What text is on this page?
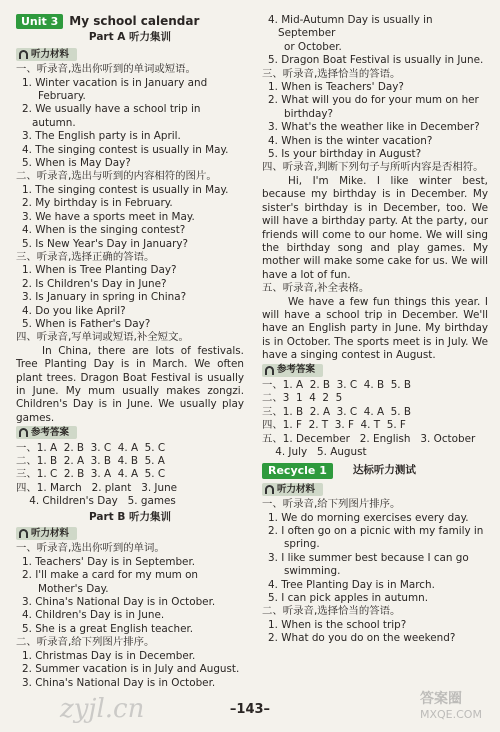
Unit 3 My school calendar
Part A 听力集训
听力材料
一、听录音,选出你听到的单词或短语。
1. Winter vacation is in January and
February.
2. We usually have a school trip in autumn.
3. The English party is in April.
4. The singing contest is usually in May.
5. When is May Day?
二、听录音,选出与听到的内容相符的图片。
1. The singing contest is usually in May.
2. My birthday is in February.
3. We have a sports meet in May.
4. When is the singing contest?
5. Is New Year's Day in January?
三、听录音,选择正确的答语。
1. When is Tree Planting Day?
2. Is Children's Day in June?
3. Is January in spring in China?
4. Do you like April?
5. When is Father's Day?
四、听录音,写单词或短语,补全短文。
In China, there are lots of festivals. Tree Planting Day is in March. We often plant trees. Dragon Boat Festival is usually in June. My mum usually makes zongzi. Children's Day is in June. We usually play games.
参考答案
一、1. A  2. B  3. C  4. A  5. C
二、1. B  2. A  3. B  4. B  5. A
三、1. C  2. B  3. A  4. A  5. C
四、1. March   2. plant   3. June
4. Children's Day   5. games
Part B 听力集训
听力材料
一、听录音,选出你听到的单词。
1. Teachers' Day is in September.
2. I'll make a card for my mum on
Mother's Day.
3. China's National Day is in October.
4. Children's Day is in June.
5. She is a great English teacher.
二、听录音,给下列图片排序。
1. Christmas Day is in December.
2. Summer vacation is in July and August.
3. China's National Day is in October.
4. Mid-Autumn Day is usually in September
or October.
5. Dragon Boat Festival is usually in June.
三、听录音,选择恰当的答语。
1. When is Teachers' Day?
2. What will you do for your mum on her
birthday?
3. What's the weather like in December?
4. When is the winter vacation?
5. Is your birthday in August?
四、听录音,判断下列句子与所听内容是否相符。
Hi, I'm Mike. I like winter best, because my birthday is in December. My sister's birthday is in December, too. We will have a birthday party. At the party, our friends will come to our home. We will sing the birthday song and play games. My mother will make some cake for us. We will have a lot of fun.
五、听录音,补全表格。
We have a few fun things this year. I will have a school trip in December. We'll have an English party in June. My birthday is in October. The sports meet is in July. We have a singing contest in August.
参考答案
一、1. A  2. B  3. C  4. B  5. B
二、3  1  4  2  5
三、1. B  2. A  3. C  4. A  5. B
四、1. F  2. T  3. F  4. T  5. F
五、1. December   2. English   3. October
4. July   5. August
Recycle 1	达标听力测试
听力材料
一、听录音,给下列图片排序。
1. We do morning exercises every day.
2. I often go on a picnic with my family in
spring.
3. I like summer best because I can go
swimming.
4. Tree Planting Day is in March.
5. I can pick apples in autumn.
二、听录音,选择恰当的答语。
1. When is the school trip?
2. What do you do on the weekend?
zyjl.cn	–143–
答案圈
MXQE.COM
